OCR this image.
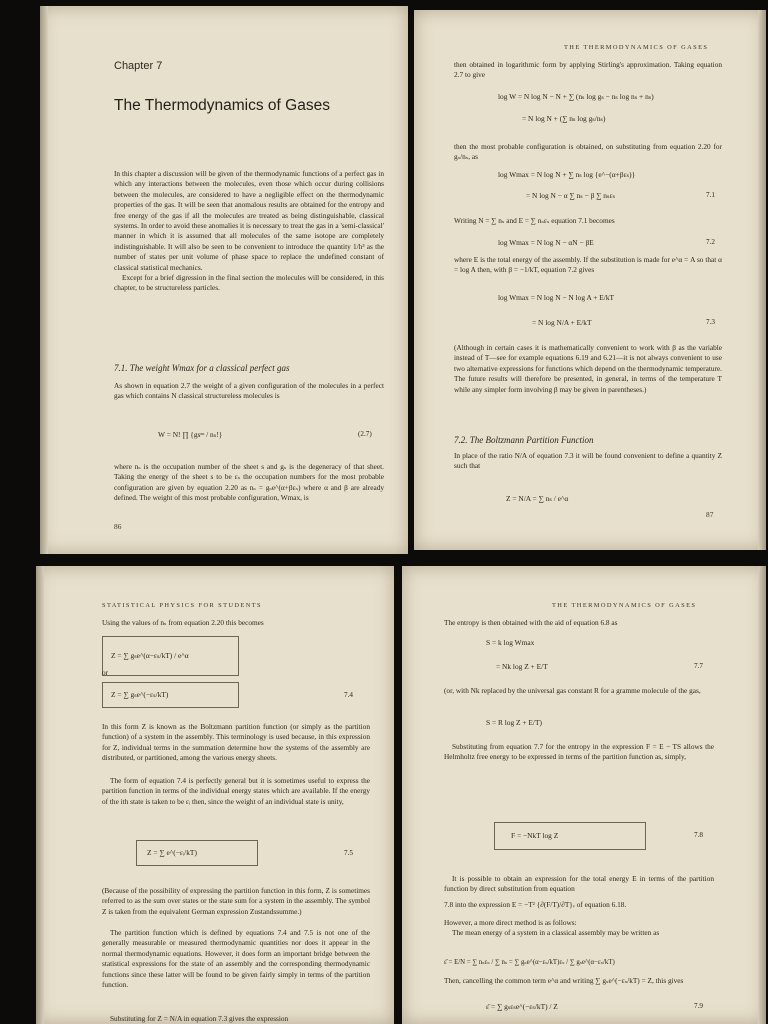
Chapter 7
The Thermodynamics of Gases

In this chapter a discussion will be given of the thermodynamic functions of a perfect gas in which any interactions between the molecules, even those which occur during collisions between the molecules, are considered to have a negligible effect on the thermodynamic properties of the gas. It will be seen that anomalous results are obtained for the entropy and free energy of the gas if all the molecules are treated as being distinguishable, classical systems. In order to avoid these anomalies it is necessary to treat the gas in a 'semi-classical' manner in which it is assumed that all molecules of the same isotope are completely indistinguishable. It will also be seen to be convenient to introduce the quantity 1/h³ as the number of states per unit volume of phase space to replace the undefined constant of classical statistical mechanics.

Except for a brief digression in the final section the molecules will be considered, in this chapter, to be structureless particles.

7.1. The weight Wmax for a classical perfect gas
As shown in equation 2.7 the weight of a given configuration of the molecules in a perfect gas which contains N classical structureless molecules is
W = N! ∏ {gsⁿˢ / nₛ!}	(2.7)
where nₛ is the occupation number of the sheet s and gₛ is the degeneracy of that sheet. Taking the energy of the sheet s to be εₛ the occupation numbers for the most probable configuration are given by equation 2.20 as nₛ = gₛe^(α+βεₛ) where α and β are already defined. The weight of this most probable configuration, Wmax, is
86
THE THERMODYNAMICS OF GASES
then obtained in logarithmic form by applying Stirling's approximation. Taking equation 2.7 to give
log W = N log N − N + ∑ (nₛ log gₛ − nₛ log nₛ + nₛ)
= N log N + (∑ nₛ log gₛ/nₛ)
then the most probable configuration is obtained, on substituting from equation 2.20 for gₛ/nₛ, as
log Wmax = N log N + ∑ nₛ log {e^−(α+βεₛ)}
= N log N − α ∑ nₛ − β ∑ nₛεₛ	7.1
Writing N = ∑ nₛ and E = ∑ nₛεₛ equation 7.1 becomes
log Wmax = N log N − αN − βE	7.2
where E is the total energy of the assembly. If the substitution is made for e^α = A so that α = log A then, with β = −1/kT, equation 7.2 gives
log Wmax = N log N − N log A + E/kT
= N log N/A + E/kT	7.3
(Although in certain cases it is mathematically convenient to work with β as the variable instead of T—see for example equations 6.19 and 6.21—it is not always convenient to use two alternative expressions for functions which depend on the thermodynamic temperature. The future results will therefore be presented, in general, in terms of the temperature T while any simpler form involving β may be given in parentheses.)
7.2. The Boltzmann Partition Function
In place of the ratio N/A of equation 7.3 it will be found convenient to define a quantity Z such that
Z = N/A = ∑ nₛ / e^α
87
STATISTICAL PHYSICS FOR STUDENTS
Using the values of nₛ from equation 2.20 this becomes
Z = ∑ gₛe^(α−εₛ/kT) / e^α
or
Z = ∑ gₛe^(−εₛ/kT)	7.4
In this form Z is known as the Boltzmann partition function (or simply as the partition function) of a system in the assembly. This terminology is used because, in this expression for Z, individual terms in the summation determine how the systems of the assembly are distributed, or partitioned, among the various energy sheets.
The form of equation 7.4 is perfectly general but it is sometimes useful to express the partition function in terms of the individual energy states which are available. If the energy of the ith state is taken to be εᵢ then, since the weight of an individual state is unity,
Z = ∑ e^(−εᵢ/kT)	7.5
(Because of the possibility of expressing the partition function in this form, Z is sometimes referred to as the sum over states or the state sum for a system in the assembly. The symbol Z is taken from the equivalent German expression Zustandssumme.)
The partition function which is defined by equations 7.4 and 7.5 is not one of the generally measurable or measured thermodynamic quantities nor does it appear in the normal thermodynamic equations. However, it does form an important bridge between the statistical expressions for the state of an assembly and the corresponding thermodynamic functions since these latter will be found to be given fairly simply in terms of the partition function.
Substituting for Z = N/A in equation 7.3 gives the expression
THE THERMODYNAMICS OF GASES
The entropy is then obtained with the aid of equation 6.8 as
S = k log Wmax
= Nk log Z + E/T	7.7
(or, with Nk replaced by the universal gas constant R for a gramme molecule of the gas,
S = R log Z + E/T)
Substituting from equation 7.7 for the entropy in the expression F = E − TS allows the Helmholtz free energy to be expressed in terms of the partition function as, simply,
F = −NkT log Z	7.8
It is possible to obtain an expression for the total energy E in terms of the partition function by direct substitution from equation
7.8 into the expression E = −T² {∂(F/T)/∂T}ᵥ of equation 6.18.
However, a more direct method is as follows:
The mean energy of a system in a classical assembly may be written as
ε̄ = E/N = ∑ nₛεₛ / ∑ nₛ = ∑ gₛe^(α−εₛ/kT)εₛ / ∑ gₛe^(α−εₛ/kT)
Then, cancelling the common term e^α and writing ∑ gₛe^(−εₛ/kT) = Z, this gives
ε̄ = ∑ gₛεₛe^(−εₛ/kT) / Z	7.9
